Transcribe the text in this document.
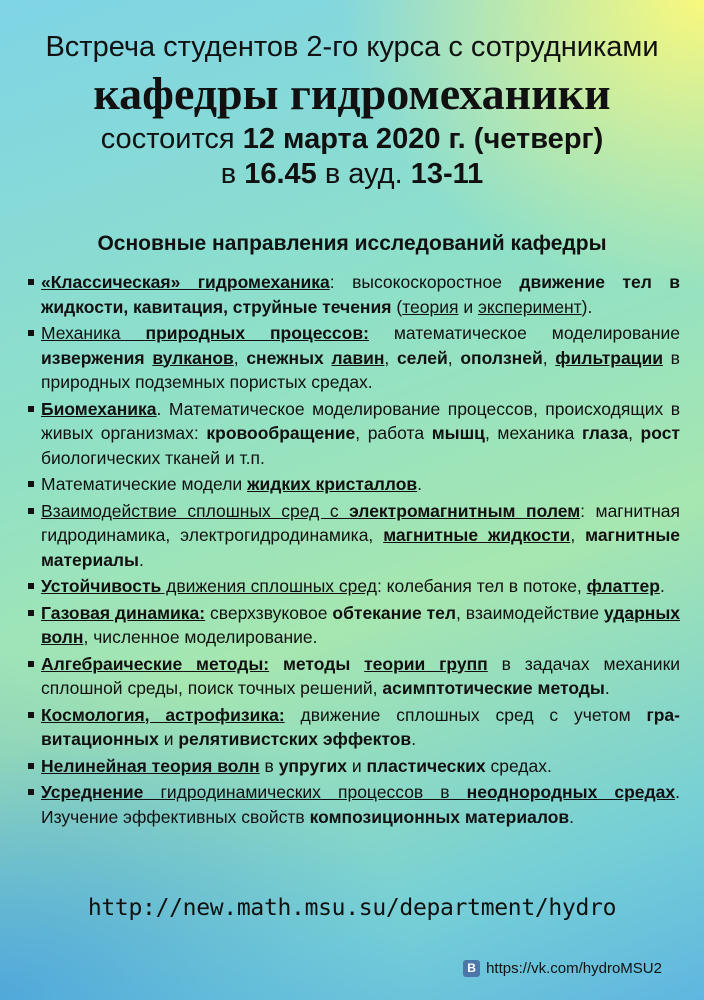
Встреча студентов 2-го курса с сотрудниками
кафедры гидромеханики
состоится 12 марта 2020 г. (четверг)
в 16.45 в ауд. 13-11
Основные направления исследований кафедры
«Классическая» гидромеханика: высокоскоростное движение тел в жидкости, кавитация, струйные течения (теория и эксперимент).
Механика природных процессов: математическое моделирование извержения вулканов, снежных лавин, селей, оползней, фильтрации в природных подземных пористых средах.
Биомеханика. Математическое моделирование процессов, происходящих в живых организмах: кровообращение, работа мышц, механика глаза, рост биологических тканей и т.п.
Математические модели жидких кристаллов.
Взаимодействие сплошных сред с электромагнитным полем: магнитная гидродинамика, электрогидродинамика, магнитные жидкости, магнитные материалы.
Устойчивость движения сплошных сред: колебания тел в потоке, флаттер.
Газовая динамика: сверхзвуковое обтекание тел, взаимодействие ударных волн, численное моделирование.
Алгебраические методы: методы теории групп в задачах механики сплошной среды, поиск точных решений, асимптотические методы.
Космология, астрофизика: движение сплошных сред с учетом гравитационных и релятивистских эффектов.
Нелинейная теория волн в упругих и пластических средах.
Усреднение гидродинамических процессов в неоднородных средах. Изучение эффективных свойств композиционных материалов.
http://new.math.msu.su/department/hydro
B https://vk.com/hydroMSU2
